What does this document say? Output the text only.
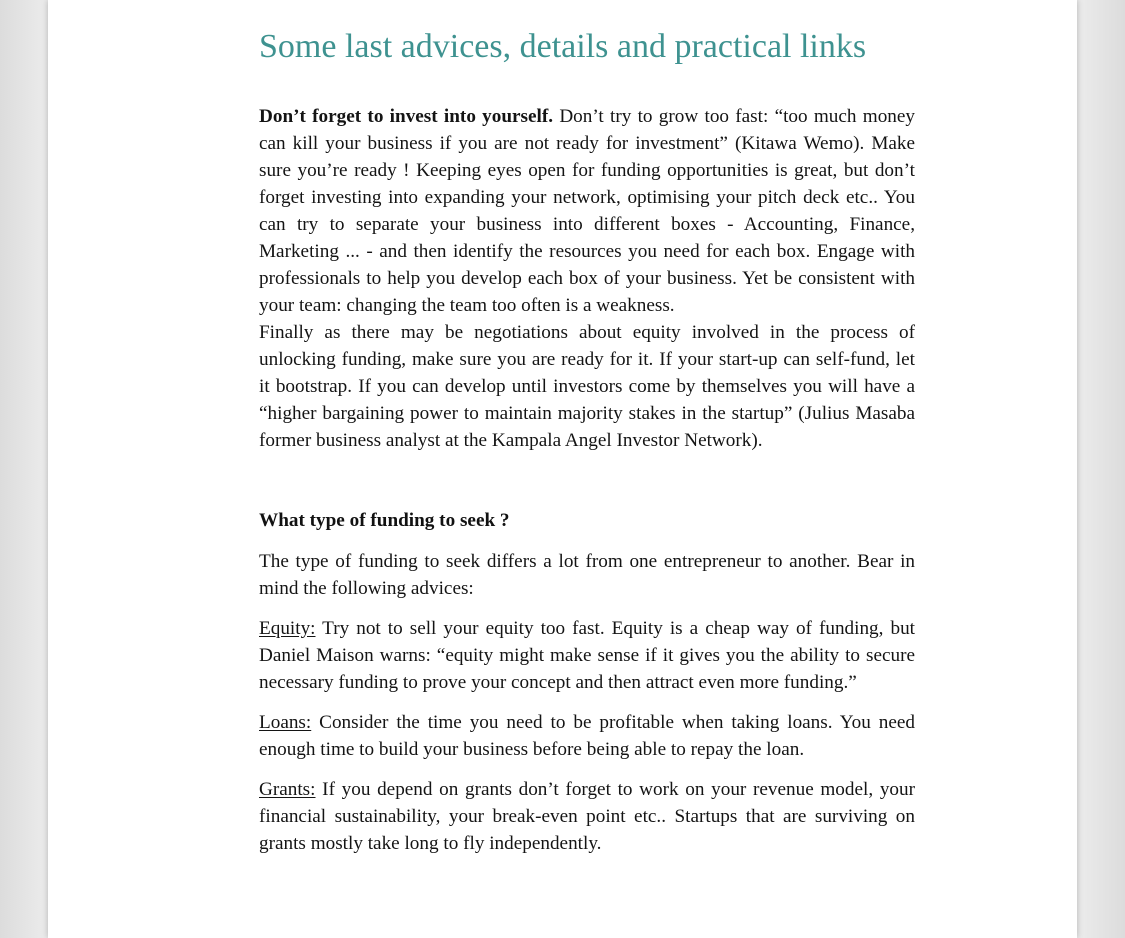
Some last advices, details and practical links

Don’t forget to invest into yourself. Don’t try to grow too fast: “too much money can kill your business if you are not ready for investment” (Kitawa Wemo). Make sure you’re ready ! Keeping eyes open for funding opportunities is great, but don’t forget investing into expanding your network, optimising your pitch deck etc.. You can try to separate your business into different boxes - Accounting, Finance, Marketing ... - and then identify the resources you need for each box. Engage with professionals to help you develop each box of your business. Yet be consistent with your team: changing the team too often is a weakness.

Finally as there may be negotiations about equity involved in the process of unlocking funding, make sure you are ready for it. If your start-up can self-fund, let it bootstrap. If you can develop until investors come by themselves you will have a “higher bargaining power to maintain majority stakes in the startup” (Julius Masaba former business analyst at the Kampala Angel Investor Network).

What type of funding to seek ?

The type of funding to seek differs a lot from one entrepreneur to another. Bear in mind the following advices:

Equity: Try not to sell your equity too fast. Equity is a cheap way of funding, but Daniel Maison warns: “equity might make sense if it gives you the ability to secure necessary funding to prove your concept and then attract even more funding.”

Loans: Consider the time you need to be profitable when taking loans. You need enough time to build your business before being able to repay the loan.

Grants: If you depend on grants don’t forget to work on your revenue model, your financial sustainability, your break-even point etc.. Startups that are surviving on grants mostly take long to fly independently.
